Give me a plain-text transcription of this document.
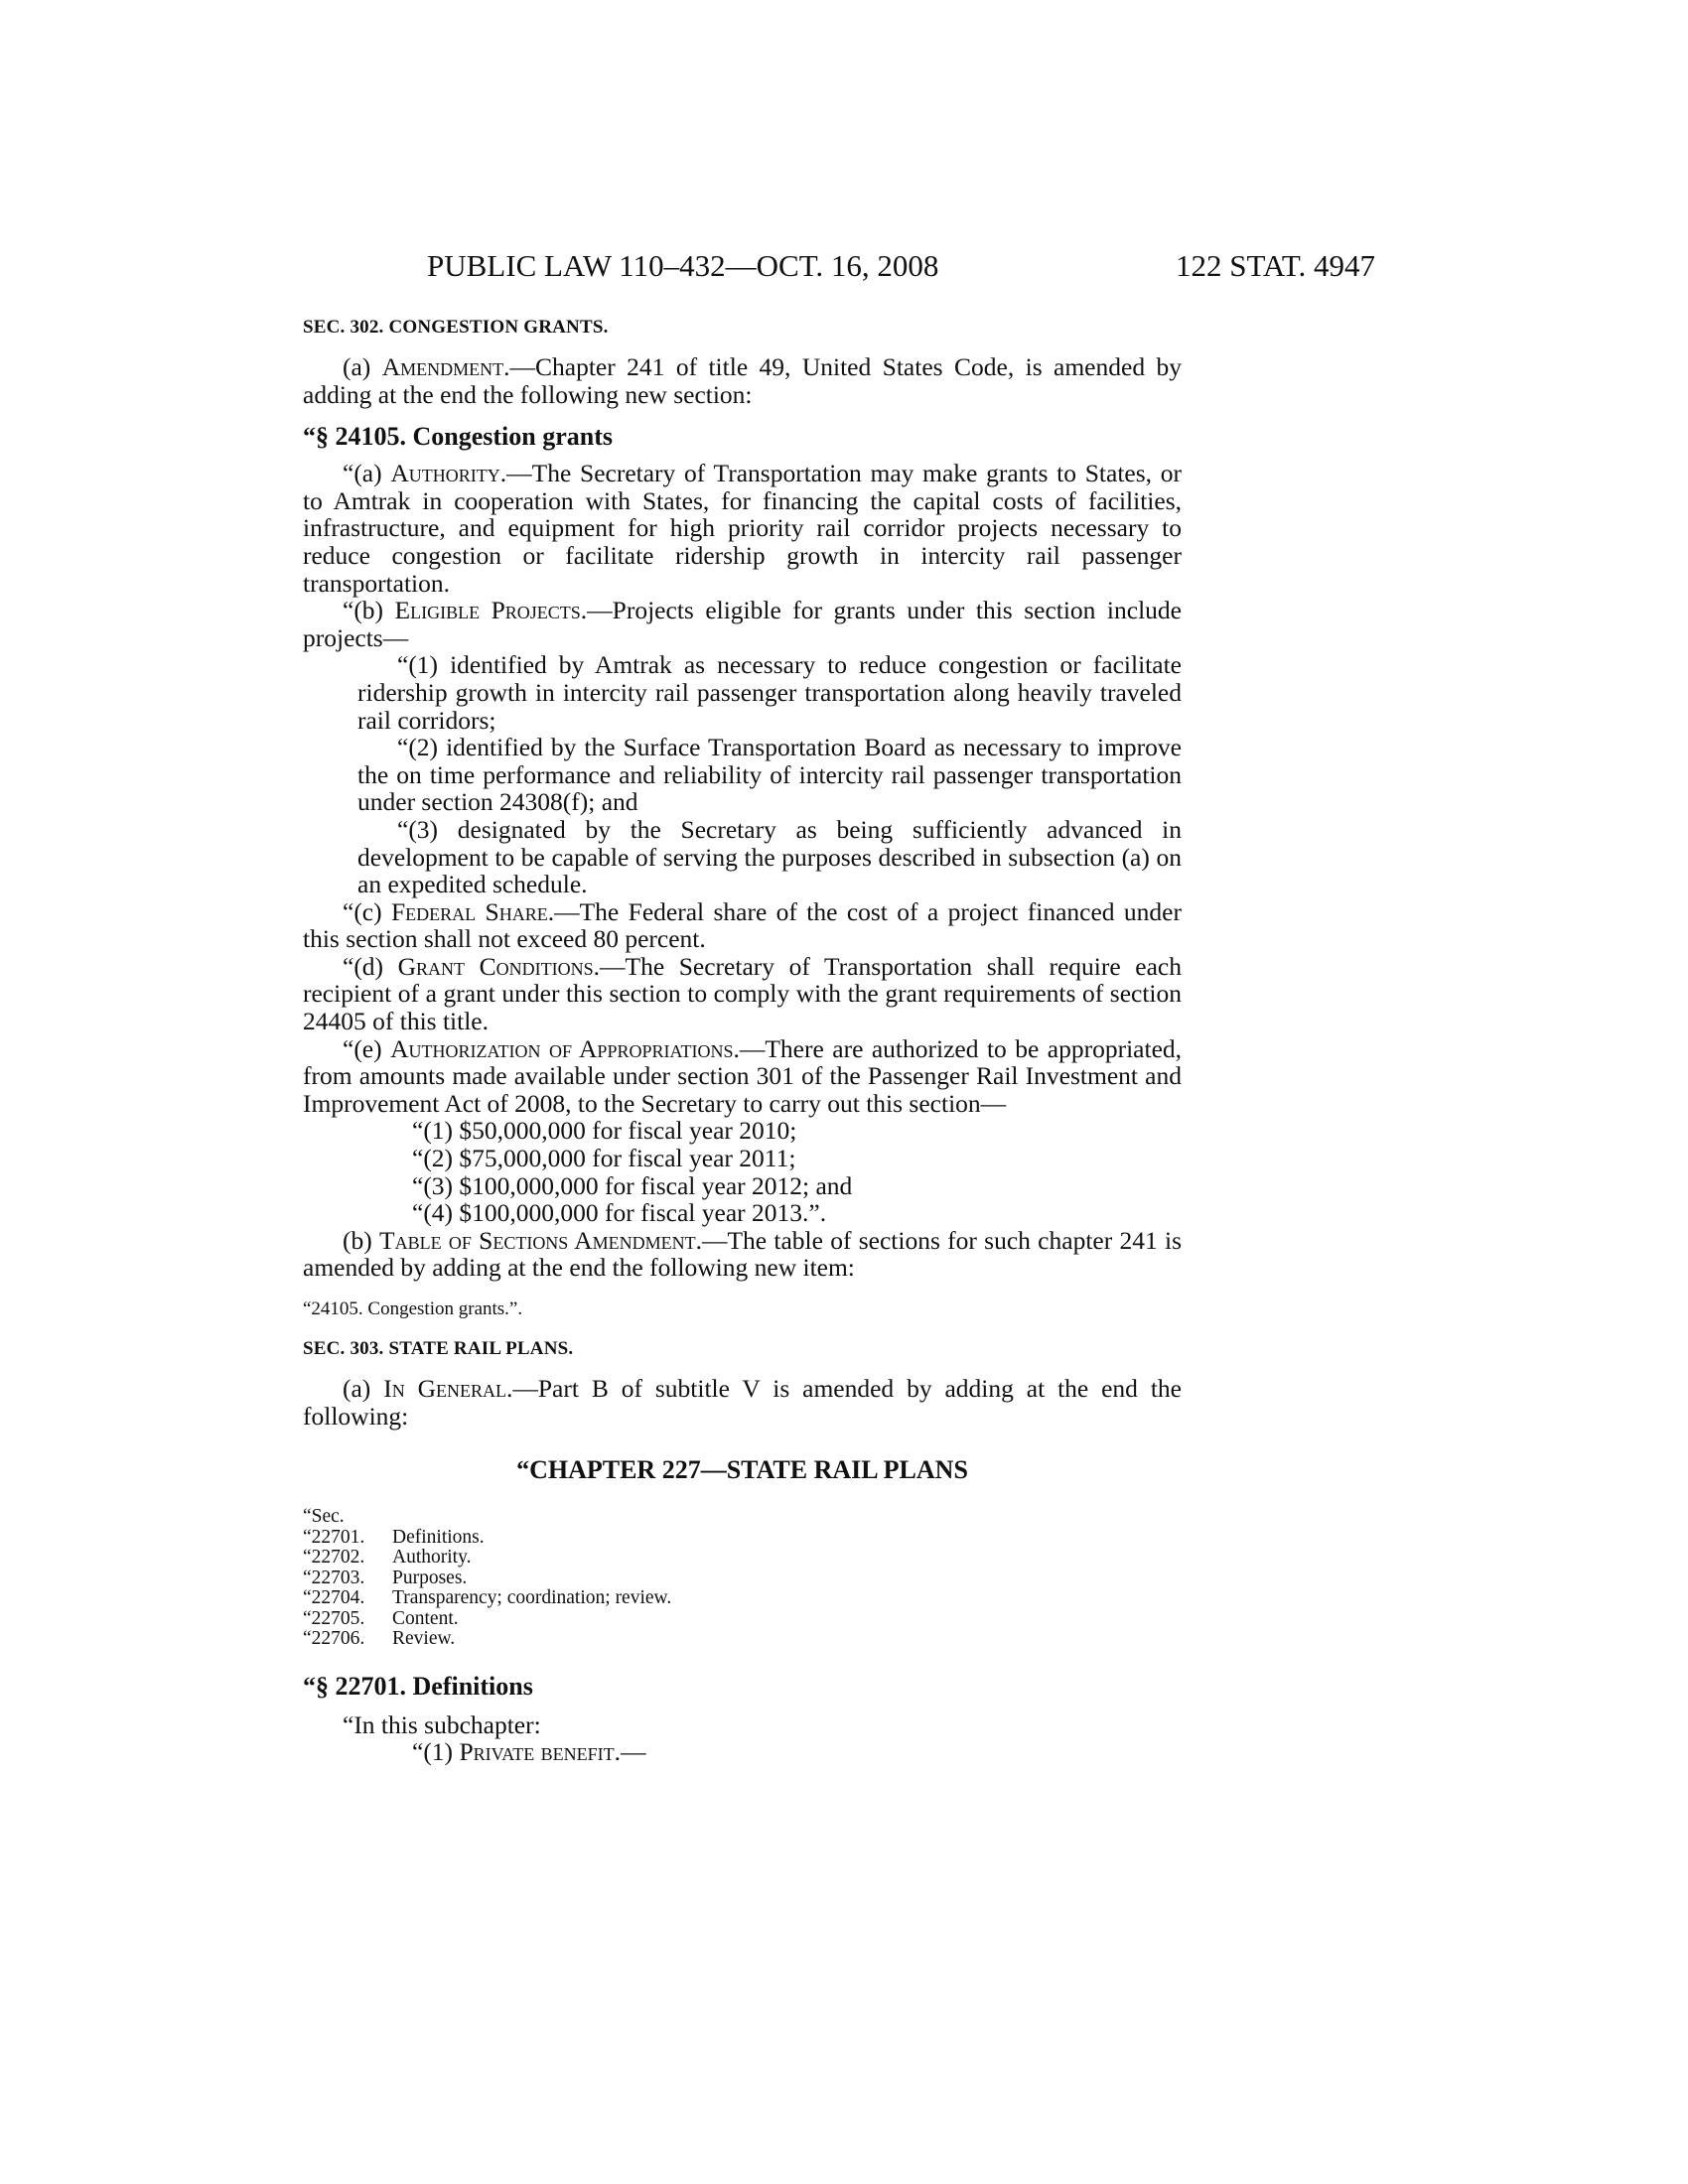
PUBLIC LAW 110–432—OCT. 16, 2008	122 STAT. 4947

SEC. 302. CONGESTION GRANTS.

(a) Amendment.—Chapter 241 of title 49, United States Code, is amended by adding at the end the following new section:

“§ 24105. Congestion grants

“(a) Authority.—The Secretary of Transportation may make grants to States, or to Amtrak in cooperation with States, for financing the capital costs of facilities, infrastructure, and equipment for high priority rail corridor projects necessary to reduce congestion or facilitate ridership growth in intercity rail passenger transportation.

“(b) Eligible Projects.—Projects eligible for grants under this section include projects—

“(1) identified by Amtrak as necessary to reduce congestion or facilitate ridership growth in intercity rail passenger transportation along heavily traveled rail corridors;
“(2) identified by the Surface Transportation Board as necessary to improve the on time performance and reliability of intercity rail passenger transportation under section 24308(f); and
“(3) designated by the Secretary as being sufficiently advanced in development to be capable of serving the purposes described in subsection (a) on an expedited schedule.

“(c) Federal Share.—The Federal share of the cost of a project financed under this section shall not exceed 80 percent.

“(d) Grant Conditions.—The Secretary of Transportation shall require each recipient of a grant under this section to comply with the grant requirements of section 24405 of this title.

“(e) Authorization of Appropriations.—There are authorized to be appropriated, from amounts made available under section 301 of the Passenger Rail Investment and Improvement Act of 2008, to the Secretary to carry out this section—

“(1) $50,000,000 for fiscal year 2010;

“(2) $75,000,000 for fiscal year 2011;

“(3) $100,000,000 for fiscal year 2012; and

“(4) $100,000,000 for fiscal year 2013.”.

(b) Table of Sections Amendment.—The table of sections for such chapter 241 is amended by adding at the end the following new item:

“24105. Congestion grants.”.

SEC. 303. STATE RAIL PLANS.

(a) In General.—Part B of subtitle V is amended by adding at the end the following:

“CHAPTER 227—STATE RAIL PLANS

“Sec.
“22701. Definitions.
“22702. Authority.
“22703. Purposes.
“22704. Transparency; coordination; review.
“22705. Content.
“22706. Review.

“§ 22701. Definitions

“In this subchapter:

“(1) Private benefit.—
